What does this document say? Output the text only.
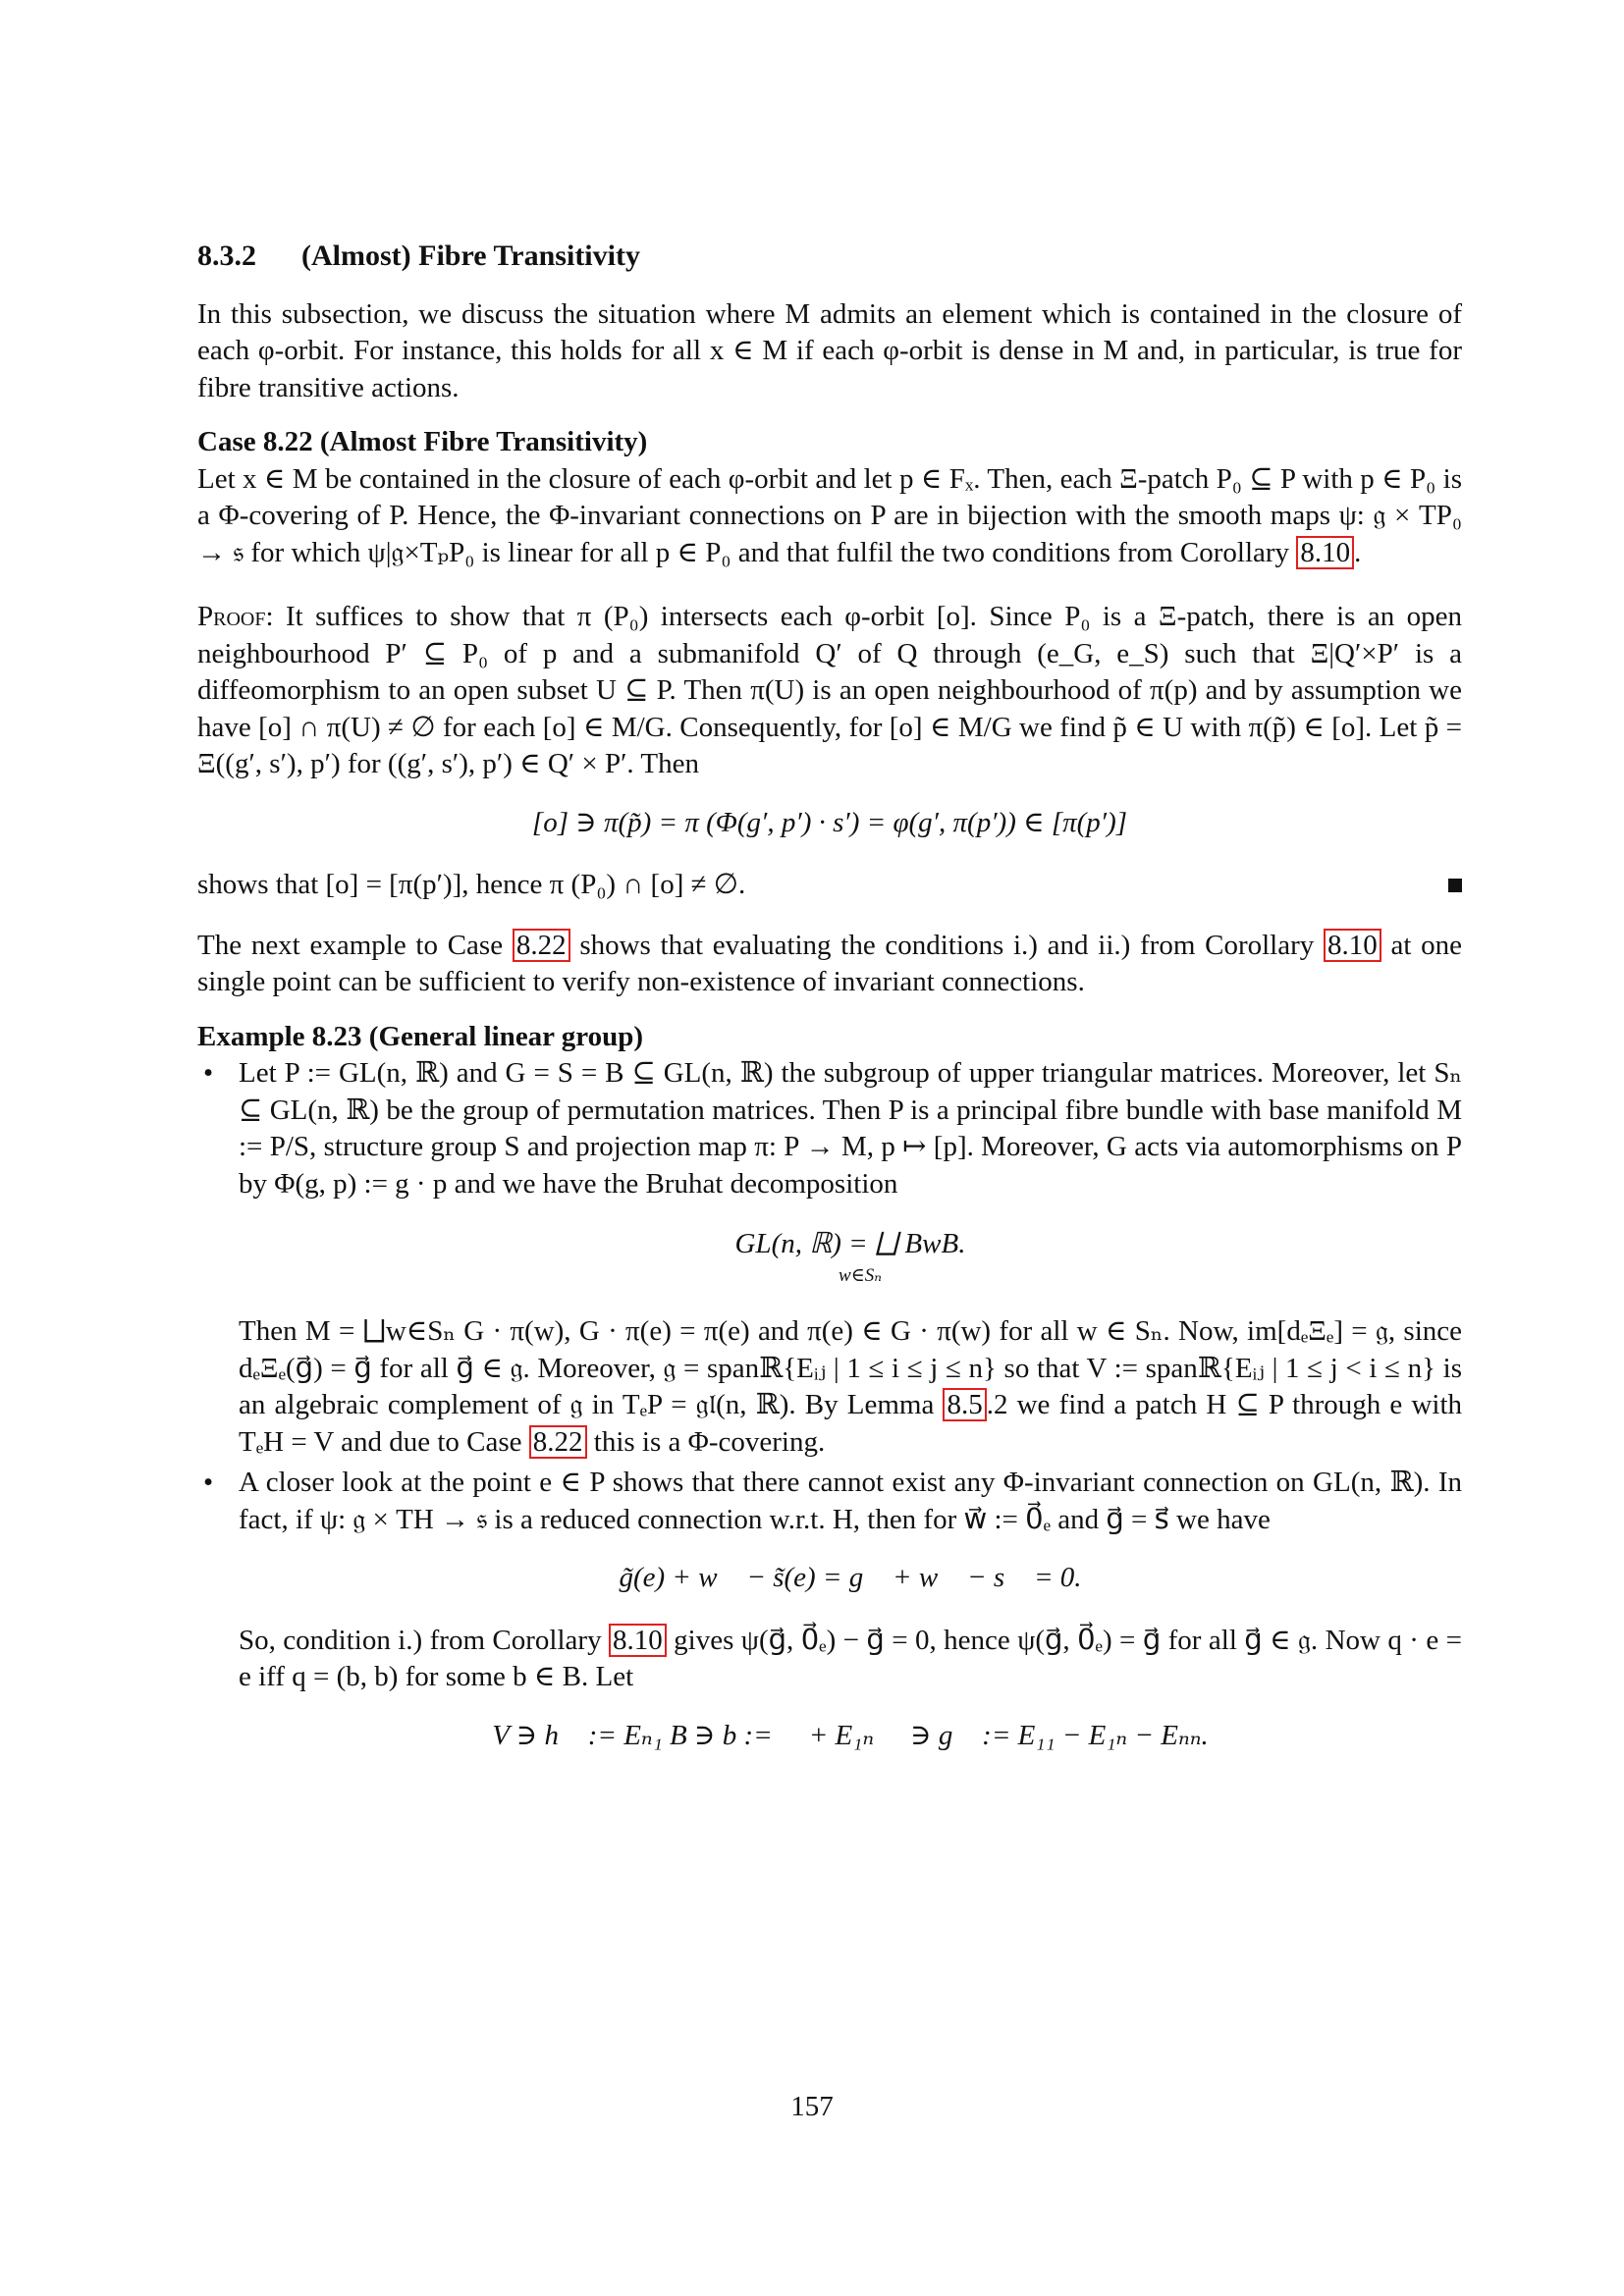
8.3.2 (Almost) Fibre Transitivity

In this subsection, we discuss the situation where M admits an element which is contained in the closure of each φ-orbit. For instance, this holds for all x ∈ M if each φ-orbit is dense in M and, in particular, is true for fibre transitive actions.

Case 8.22 (Almost Fibre Transitivity)

Let x ∈ M be contained in the closure of each φ-orbit and let p ∈ Fₓ. Then, each Ξ-patch P₀ ⊆ P with p ∈ P₀ is a Φ-covering of P. Hence, the Φ-invariant connections on P are in bijection with the smooth maps ψ: 𝔤 × TP₀ → 𝔰 for which ψ|𝔤×TₚP₀ is linear for all p ∈ P₀ and that fulfil the two conditions from Corollary 8.10 .

Proof: It suffices to show that π (P₀) intersects each φ-orbit [o]. Since P₀ is a Ξ-patch, there is an open neighbourhood P′ ⊆ P₀ of p and a submanifold Q′ of Q through (e_G, e_S) such that Ξ|Q′×P′ is a diffeomorphism to an open subset U ⊆ P. Then π(U) is an open neighbourhood of π(p) and by assumption we have [o] ∩ π(U) ≠ ∅ for each [o] ∈ M/G. Consequently, for [o] ∈ M/G we find p̃ ∈ U with π(p̃) ∈ [o]. Let p̃ = Ξ((g′, s′), p′) for ((g′, s′), p′) ∈ Q′ × P′. Then

[o] ∋ π(p̃) = π (Φ(g′, p′) · s′) = φ(g′, π(p′)) ∈ [π(p′)]

shows that [o] = [π(p′)], hence π (P₀) ∩ [o] ≠ ∅.

The next example to Case 8.22 shows that evaluating the conditions i.) and ii.) from Corollary 8.10 at one single point can be sufficient to verify non-existence of invariant connections.

Example 8.23 (General linear group)
• Let P := GL(n, ℝ) and G = S = B ⊆ GL(n, ℝ) the subgroup of upper triangular matrices. Moreover, let Sₙ ⊆ GL(n, ℝ) be the group of permutation matrices. Then P is a principal fibre bundle with base manifold M := P/S, structure group S and projection map π: P → M, p ↦ [p]. Moreover, G acts via automorphisms on P by Φ(g, p) := g · p and we have the Bruhat decomposition
GL(n, ℝ) = ⨆ BwB.
w∈Sₙ
Then M = ⨆w∈Sₙ G · π(w), G · π(e) = π(e) and π(e) ∈ G · π(w) for all w ∈ Sₙ. Now, im[dₑΞₑ] = 𝔤, since dₑΞₑ(g⃗) = g⃗ for all g⃗ ∈ 𝔤. Moreover, 𝔤 = spanℝ{Eᵢⱼ | 1 ≤ i ≤ j ≤ n} so that V := spanℝ{Eᵢⱼ | 1 ≤ j < i ≤ n} is an algebraic complement of 𝔤 in TₑP = 𝔤𝔩(n, ℝ). By Lemma 8.5 .2 we find a patch H ⊆ P through e with TₑH = V and due to Case 8.22 this is a Φ-covering.
• A closer look at the point e ∈ P shows that there cannot exist any Φ-invariant connection on GL(n, ℝ). In fact, if ψ: 𝔤 × TH → 𝔰 is a reduced connection w.r.t. H, then for w⃗ := 0⃗ₑ and g⃗ = s⃗ we have
g̃(e) + w⃗ − s̃(e) = g⃗ + w⃗ − s⃗ = 0.
So, condition i.) from Corollary 8.10 gives ψ(g⃗, 0⃗ₑ) − g⃗ = 0, hence ψ(g⃗, 0⃗ₑ) = g⃗ for all g⃗ ∈ 𝔤. Now q · e = e iff q = (b, b) for some b ∈ B. Let
V ∋ h⃗ := Eₙ₁ B ∋ b := 𝟙 + E₁ₙ 𝔤 ∋ g⃗ := E₁₁ − E₁ₙ − Eₙₙ.
157
